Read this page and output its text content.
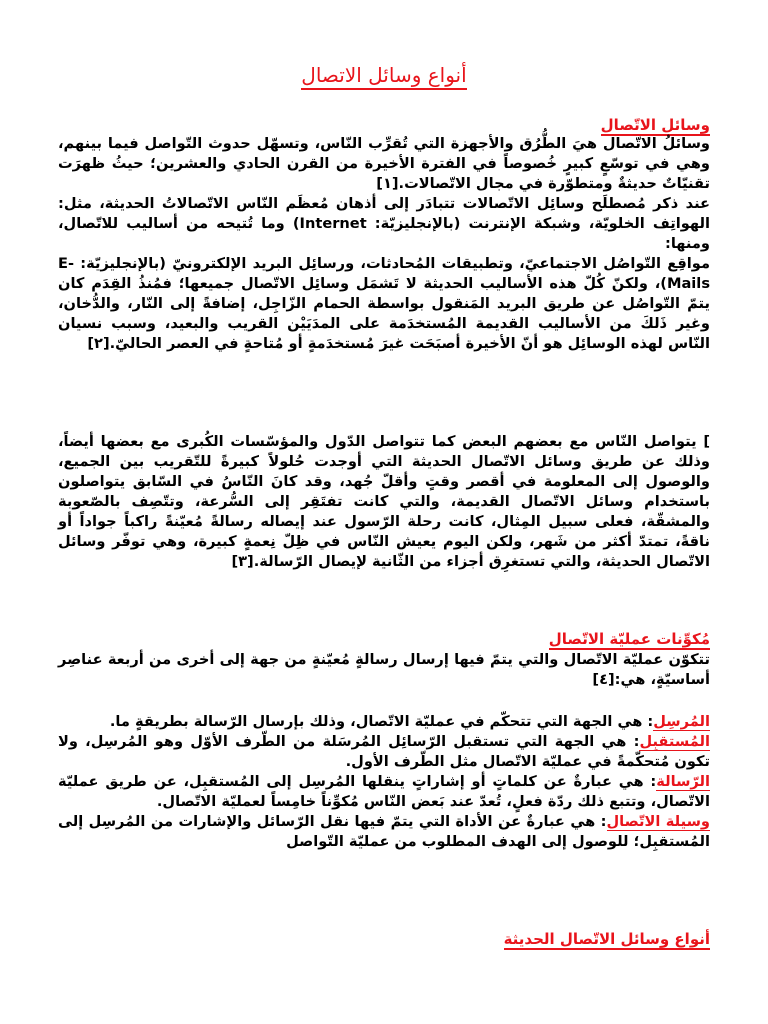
أنواع وسائل الاتصال
وسائل الاتّصال

وسائلُ الاتّصال هيَ الطُّرُق والأجهزة التي تُقرِّب النّاس، وتسهّل حدوث التّواصل فيما بينهم، وهي في توسّعٍ كبيرٍ خُصوصاً في الفترة الأخيرة من القرن الحادي والعشرين؛ حيثُ ظهرَت تقنيّاتٌ حديثةٌ ومتطوّرة في مجال الاتّصالات.[١]

عند ذكر مُصطلَح وسائِل الاتّصالات تتبادَر إلى أذهان مُعظَم النّاس الاتّصالاتُ الحديثة، مثل: الهواتِف الخلويّة، وشبكة الإنترنت (بالإنجليزيّة: Internet) وما تُتيحه من أساليب للاتّصال، ومنها:

مواقِع التّواصُل الاجتماعيّ، وتطبيقات المُحادثات، ورسائِل البريد الإلكترونيّ (بالإنجليزيّة: E-Mails)، ولكنّ كُلّ هذه الأساليب الحديثة لا تَشمَل وسائِل الاتّصال جميعها؛ فمُنذُ القِدَم كان يتمّ التّواصُل عن طريق البريد المَنقول بواسطة الحمام الزّاجِل، إضافةً إلى النّار، والدُّخان، وغير ذَلكَ من الأساليب القديمة المُستخدَمة على المدَيَيْن القريب والبعيد، وسبب نسيان النّاس لهذه الوسائِل هو أنّ الأخيرة أصبَحَت غيرَ مُستخدَمةٍ أو مُتاحةٍ في العصر الحاليّ.[٢]

] يتواصل النّاس مع بعضهم البعض كما تتواصل الدّول والمؤسّسات الكُبرى مع بعضها أيضاً، وذلك عن طريق وسائل الاتّصال الحديثة التي أوجدت حُلولاً كبيرةً للتّقريب بين الجميع، والوصول إلى المعلومة في أقصر وقتٍ وأقلّ جُهد، وقد كانَ النّاسُ في السّابق يتواصلون باستخدام وسائل الاتّصال القديمة، والتي كانت تفتَقِر إلى السُّرعة، وتتّصِف بالصّعوبة والمشقّة، فعلى سبيل المِثال، كانت رحلة الرّسول عند إيصاله رسالةً مُعيّنةً راكباً جواداً أو ناقةً، تمتدّ أكثر من شَهر، ولكن اليوم يعيش النّاس في ظِلّ نِعمةٍ كبيرة، وهي توفّر وسائل الاتّصال الحديثة، والتي تستغرِق أجزاء من الثّانية لإيصال الرّسالة.[٣]

مُكوِّنات عمليّة الاتّصال

تتكوّن عمليّة الاتّصال والتي يتمّ فيها إرسال رسالةٍ مُعيّنةٍ من جهة إلى أخرى من أربعة عناصِر أساسيّةٍ، هي:[٤]

المُرسِل: هي الجهة التي تتحكّم في عمليّة الاتّصال، وذلك بإرسال الرّسالة بطريقةٍ ما.

المُستقبِل: هي الجهة التي تستقبل الرّسائِل المُرسَلة من الطّرف الأوّل وهو المُرسِل، ولا تكون مُتحكّمةً في عمليّة الاتّصال مثل الطّرف الأول.

الرّسالة: هي عبارةٌ عن كلماتٍ أو إشاراتٍ ينقلها المُرسِل إلى المُستقبِل، عن طريق عمليّة الاتّصال، وتتبع ذلك ردّة فعلٍ، تُعدّ عند بَعض النّاس مُكوِّناً خامِساً لعمليّة الاتّصال.

وسيلة الاتّصال: هي عبارةٌ عن الأداة التي يتمّ فيها نقل الرّسائل والإشارات من المُرسِل إلى المُستقبِل؛ للوصول إلى الهدف المطلوب من عمليّة التّواصل

أنواع وسائل الاتّصال الحديثة
